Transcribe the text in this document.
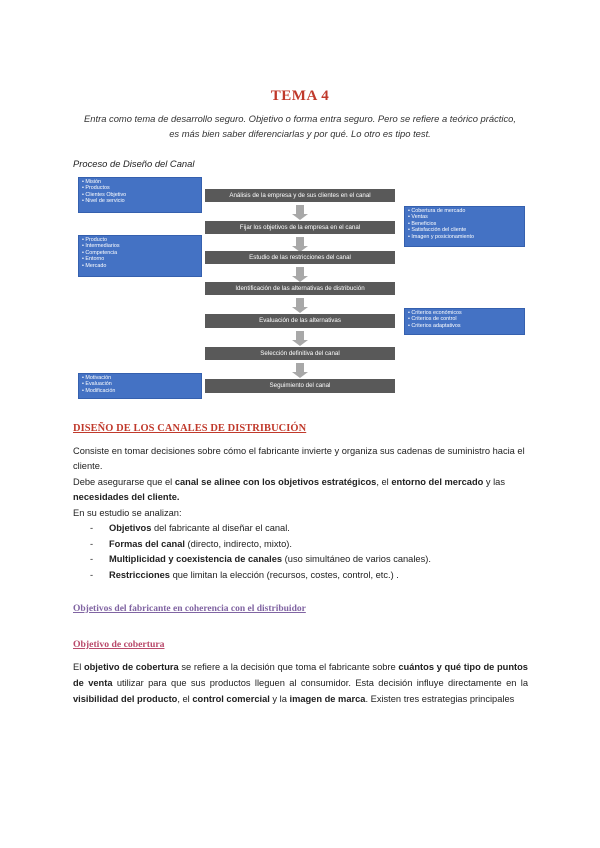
TEMA 4
Entra como tema de desarrollo seguro. Objetivo o forma entra seguro. Pero se refiere a teórico práctico, es más bien saber diferenciarlas y por qué. Lo otro es tipo test.
Proceso de Diseño del Canal
• Misión
• Productos
• Clientes Objetivo
• Nivel de servicio
• Producto
• Intermediarios
• Competencia
• Entorno
• Mercado
• Motivación
• Evaluación
• Modificación
• Cobertura de mercado
• Ventas
• Beneficios
• Satisfacción del cliente
• Imagen y posicionamiento
• Criterios económicos
• Criterios de control
• Criterios adaptativos
Análisis de la empresa y de sus clientes en el canal
Fijar los objetivos de la empresa en el canal
Estudio de las restricciones del canal
Identificación de las alternativas de distribución
Evaluación de las alternativas
Selección definitiva del canal
Seguimiento del canal
DISEÑO DE LOS CANALES DE DISTRIBUCIÓN
Consiste en tomar decisiones sobre cómo el fabricante invierte y organiza sus cadenas de suministro hacia el cliente.
Debe asegurarse que el canal se alinee con los objetivos estratégicos, el entorno del mercado y las necesidades del cliente.
En su estudio se analizan:
- Objetivos del fabricante al diseñar el canal.
- Formas del canal (directo, indirecto, mixto).
- Multiplicidad y coexistencia de canales (uso simultáneo de varios canales).
- Restricciones que limitan la elección (recursos, costes, control, etc.) .
Objetivos del fabricante en coherencia con el distribuidor
Objetivo de cobertura
El objetivo de cobertura se refiere a la decisión que toma el fabricante sobre cuántos y qué tipo de puntos de venta utilizar para que sus productos lleguen al consumidor. Esta decisión influye directamente en la visibilidad del producto, el control comercial y la imagen de marca. Existen tres estrategias principales
